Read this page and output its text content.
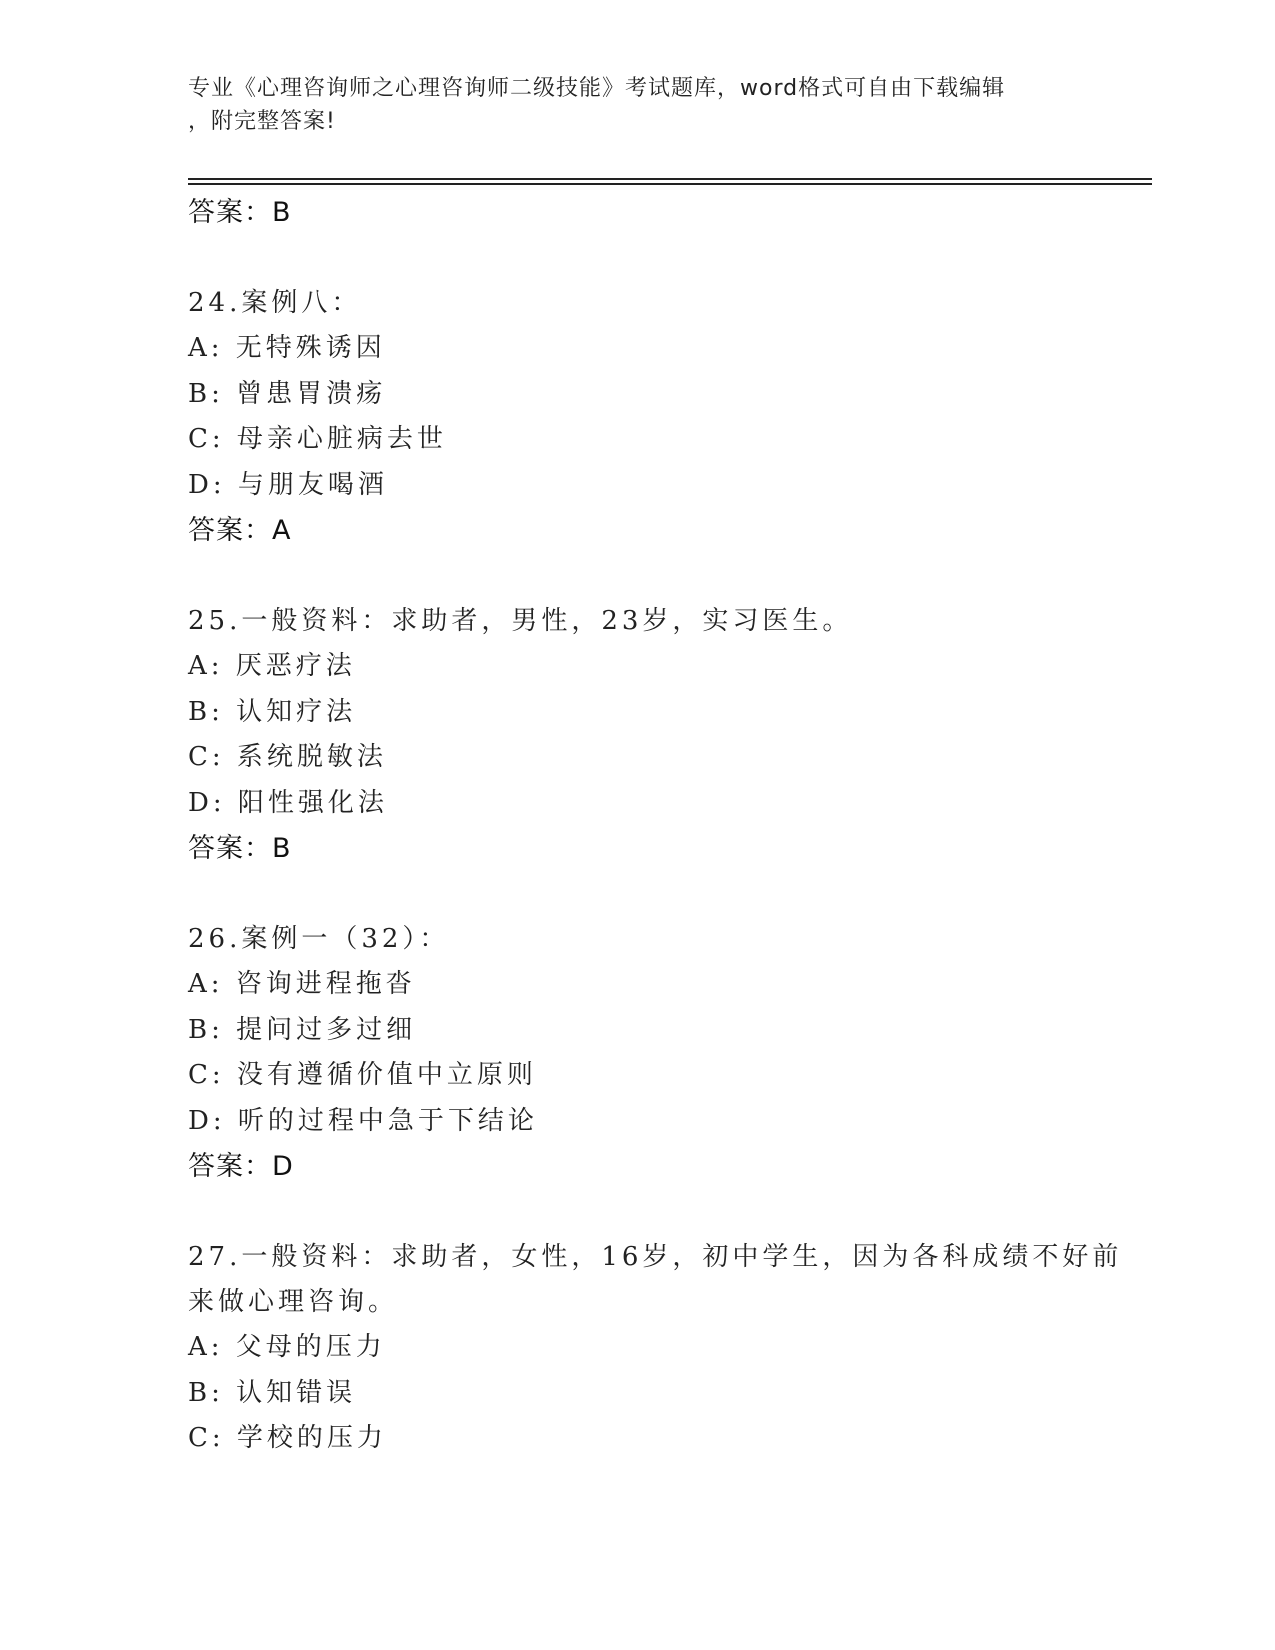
专业《心理咨询师之心理咨询师二级技能》考试题库，word格式可自由下载编辑
，附完整答案!
答案：B
24.案例八：
A: 无特殊诱因
B: 曾患胃溃疡
C: 母亲心脏病去世
D: 与朋友喝酒
答案：A
25.一般资料：求助者，男性，23岁，实习医生。
A: 厌恶疗法
B: 认知疗法
C: 系统脱敏法
D: 阳性强化法
答案：B
26.案例一（32）：
A: 咨询进程拖沓
B: 提问过多过细
C: 没有遵循价值中立原则
D: 听的过程中急于下结论
答案：D
27.一般资料：求助者，女性，16岁，初中学生，因为各科成绩不好前
来做心理咨询。
A: 父母的压力
B: 认知错误
C: 学校的压力
